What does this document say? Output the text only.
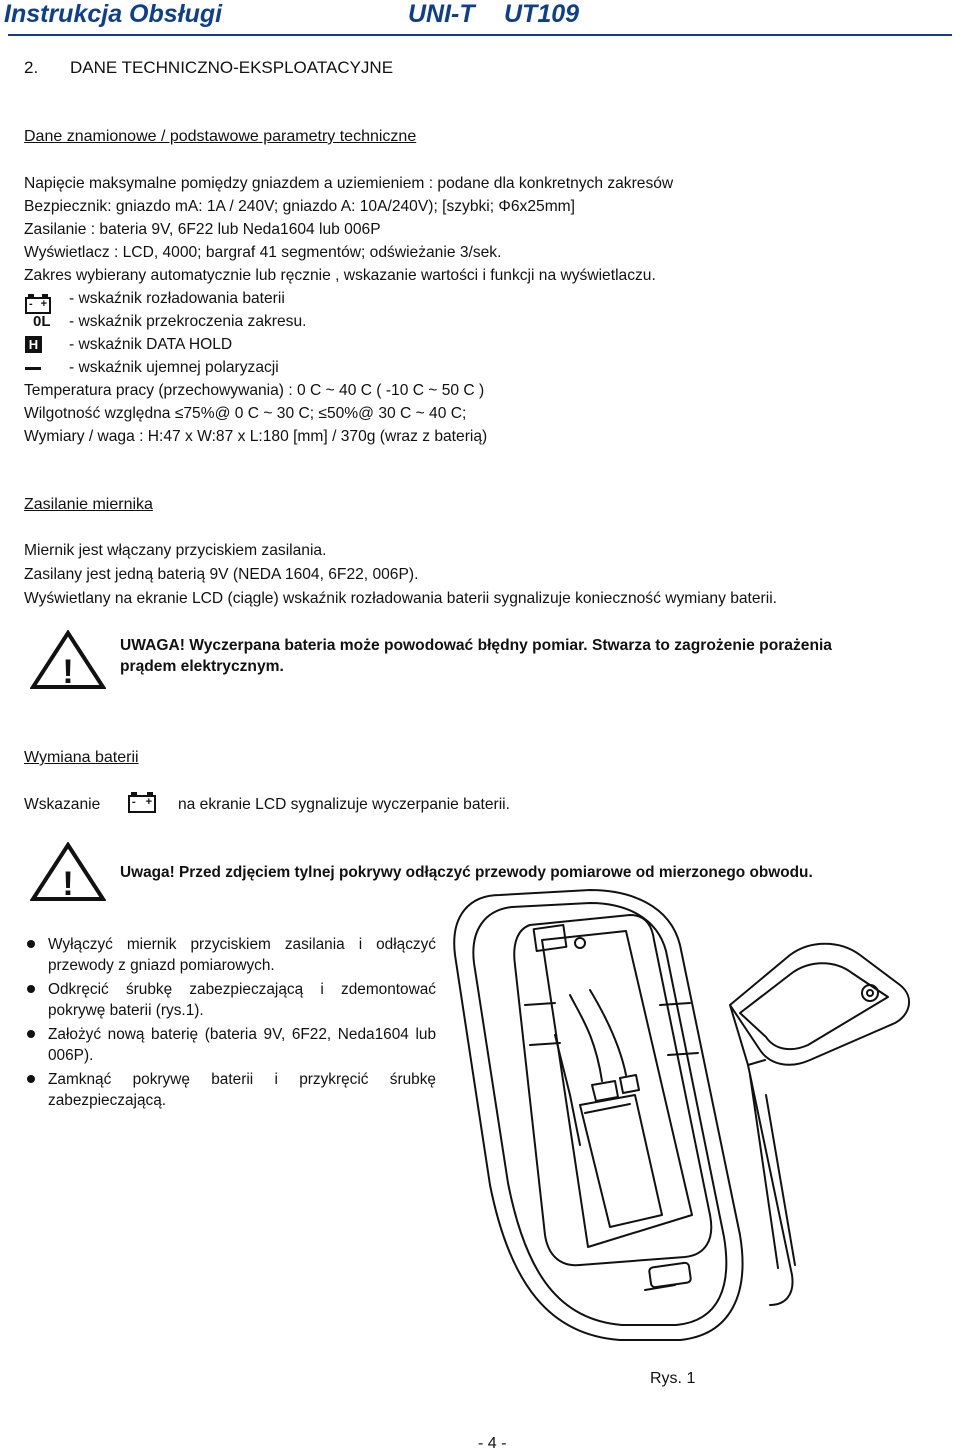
Instrukcja Obsługi	UNI-T UT109
2. DANE TECHNICZNO-EKSPLOATACYJNE
Dane znamionowe / podstawowe parametry techniczne
Napięcie maksymalne pomiędzy gniazdem a uziemieniem : podane dla konkretnych zakresów
Bezpiecznik: gniazdo mA: 1A / 240V; gniazdo A: 10A/240V); [szybki; Φ6x25mm]
Zasilanie : bateria 9V, 6F22 lub Neda1604 lub 006P
Wyświetlacz : LCD, 4000; bargraf 41 segmentów; odświeżanie 3/sek.
Zakres wybierany automatycznie lub ręcznie , wskazanie wartości i funkcji na wyświetlaczu.
- + - wskaźnik rozładowania baterii
0L - wskaźnik przekroczenia zakresu.
H - wskaźnik DATA HOLD
- wskaźnik ujemnej polaryzacji
Temperatura pracy (przechowywania) : 0 C ~ 40 C ( -10 C ~ 50 C )
Wilgotność względna ≤75%@ 0 C ~ 30 C; ≤50%@ 30 C ~ 40 C;
Wymiary / waga : H:47 x W:87 x L:180 [mm] / 370g (wraz z baterią)
Zasilanie miernika
Miernik jest włączany przyciskiem zasilania.
Zasilany jest jedną baterią 9V (NEDA 1604, 6F22, 006P).
Wyświetlany na ekranie LCD (ciągle) wskaźnik rozładowania baterii sygnalizuje konieczność wymiany baterii.
!
UWAGA! Wyczerpana bateria może powodować błędny pomiar. Stwarza to zagrożenie porażenia
prądem elektrycznym.
Wymiana baterii
Wskazanie	- + na ekranie LCD sygnalizuje wyczerpanie baterii.
!	Uwaga! Przed zdjęciem tylnej pokrywy odłączyć przewody pomiarowe od mierzonego obwodu.
Wyłączyć miernik przyciskiem zasilania i odłączyć przewody z gniazd pomiarowych.
Odkręcić śrubkę zabezpieczającą i zdemontować pokrywę baterii (rys.1).
Założyć nową baterię (bateria 9V, 6F22, Neda1604 lub 006P).
Zamknąć pokrywę baterii i przykręcić śrubkę zabezpieczającą.
Rys. 1
- 4 -
